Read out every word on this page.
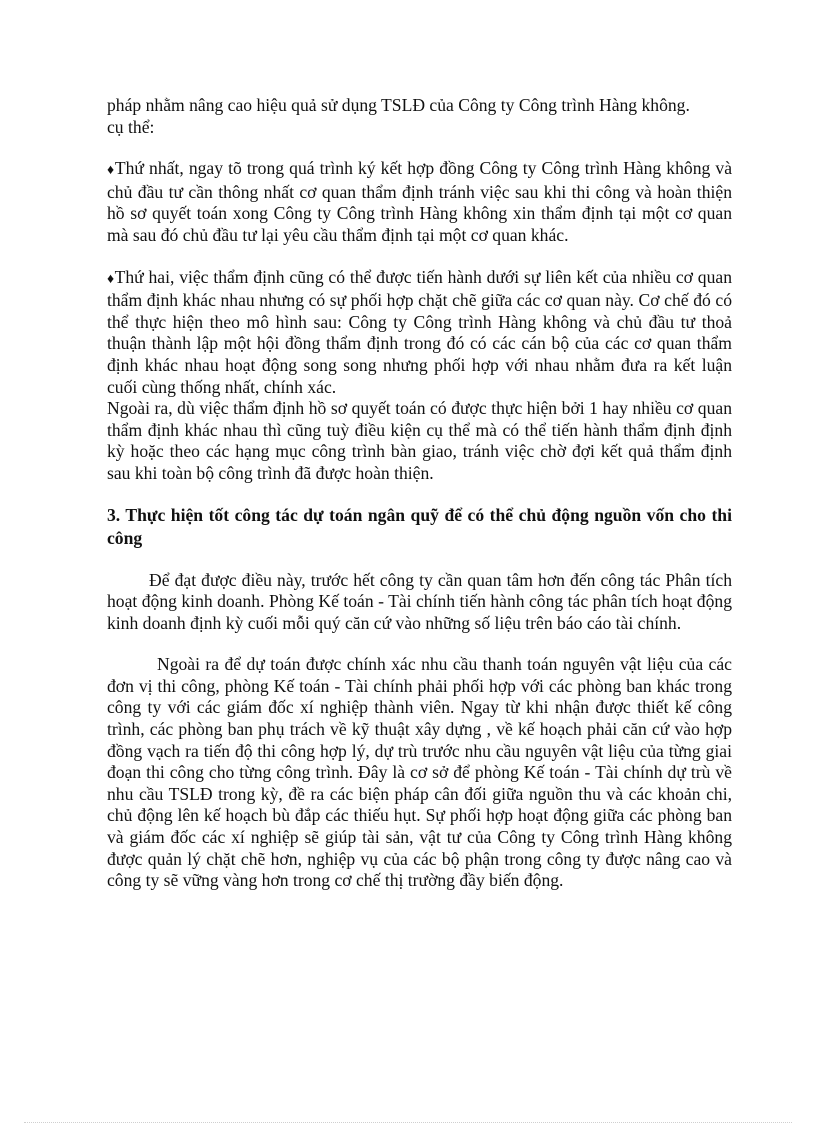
pháp nhằm nâng cao hiệu quả sử dụng TSLĐ của Công ty Công trình Hàng không.

cụ thể:

♦Thứ nhất, ngay tõ trong quá trình ký kết hợp đồng Công ty Công trình Hàng không và chủ đầu tư cần thông nhất cơ quan thẩm định tránh việc sau khi thi công và hoàn thiện hồ sơ quyết toán xong Công ty Công trình Hàng không xin thẩm định tại một cơ quan mà sau đó chủ đầu tư lại yêu cầu thẩm định tại một cơ quan khác.

♦Thứ hai, việc thẩm định cũng có thể được tiến hành dưới sự liên kết của nhiều cơ quan thẩm định khác nhau nhưng có sự phối hợp chặt chẽ giữa các cơ quan này. Cơ chế đó có thể thực hiện theo mô hình sau: Công ty Công trình Hàng không và chủ đầu tư thoả thuận thành lập một hội đồng thẩm định trong đó có các cán bộ của các cơ quan thẩm định khác nhau hoạt động song song nhưng phối hợp với nhau nhằm đưa ra kết luận cuối cùng thống nhất, chính xác.

Ngoài ra, dù việc thẩm định hồ sơ quyết toán có được thực hiện bởi 1 hay nhiều cơ quan thẩm định khác nhau thì cũng tuỳ điều kiện cụ thể mà có thể tiến hành thẩm định định kỳ hoặc theo các hạng mục công trình bàn giao, tránh việc chờ đợi kết quả thẩm định sau khi toàn bộ công trình đã được hoàn thiện.

3. Thực hiện tốt công tác dự toán ngân quỹ để có thể chủ động nguồn vốn cho thi công

Để đạt được điều này, trước hết công ty cần quan tâm hơn đến công tác Phân tích hoạt động kinh doanh. Phòng Kế toán - Tài chính tiến hành công tác phân tích hoạt động kinh doanh định kỳ cuối mỗi quý căn cứ vào những số liệu trên báo cáo tài chính.

Ngoài ra để dự toán được chính xác nhu cầu thanh toán nguyên vật liệu của các đơn vị thi công, phòng Kế toán - Tài chính phải phối hợp với các phòng ban khác trong công ty với các giám đốc xí nghiệp thành viên. Ngay từ khi nhận được thiết kế công trình, các phòng ban phụ trách về kỹ thuật xây dựng , về kế hoạch phải căn cứ vào hợp đồng vạch ra tiến độ thi công hợp lý, dự trù trước nhu cầu nguyên vật liệu của từng giai đoạn thi công cho từng công trình. Đây là cơ sở để phòng Kế toán - Tài chính dự trù về nhu cầu TSLĐ trong kỳ, đề ra các biện pháp cân đối giữa nguồn thu và các khoản chi, chủ động lên kế hoạch bù đắp các thiếu hụt. Sự phối hợp hoạt động giữa các phòng ban và giám đốc các xí nghiệp sẽ giúp tài sản, vật tư của Công ty Công trình Hàng không được quản lý chặt chẽ hơn, nghiệp vụ của các bộ phận trong công ty được nâng cao và công ty sẽ vững vàng hơn trong cơ chế thị trường đầy biến động.
